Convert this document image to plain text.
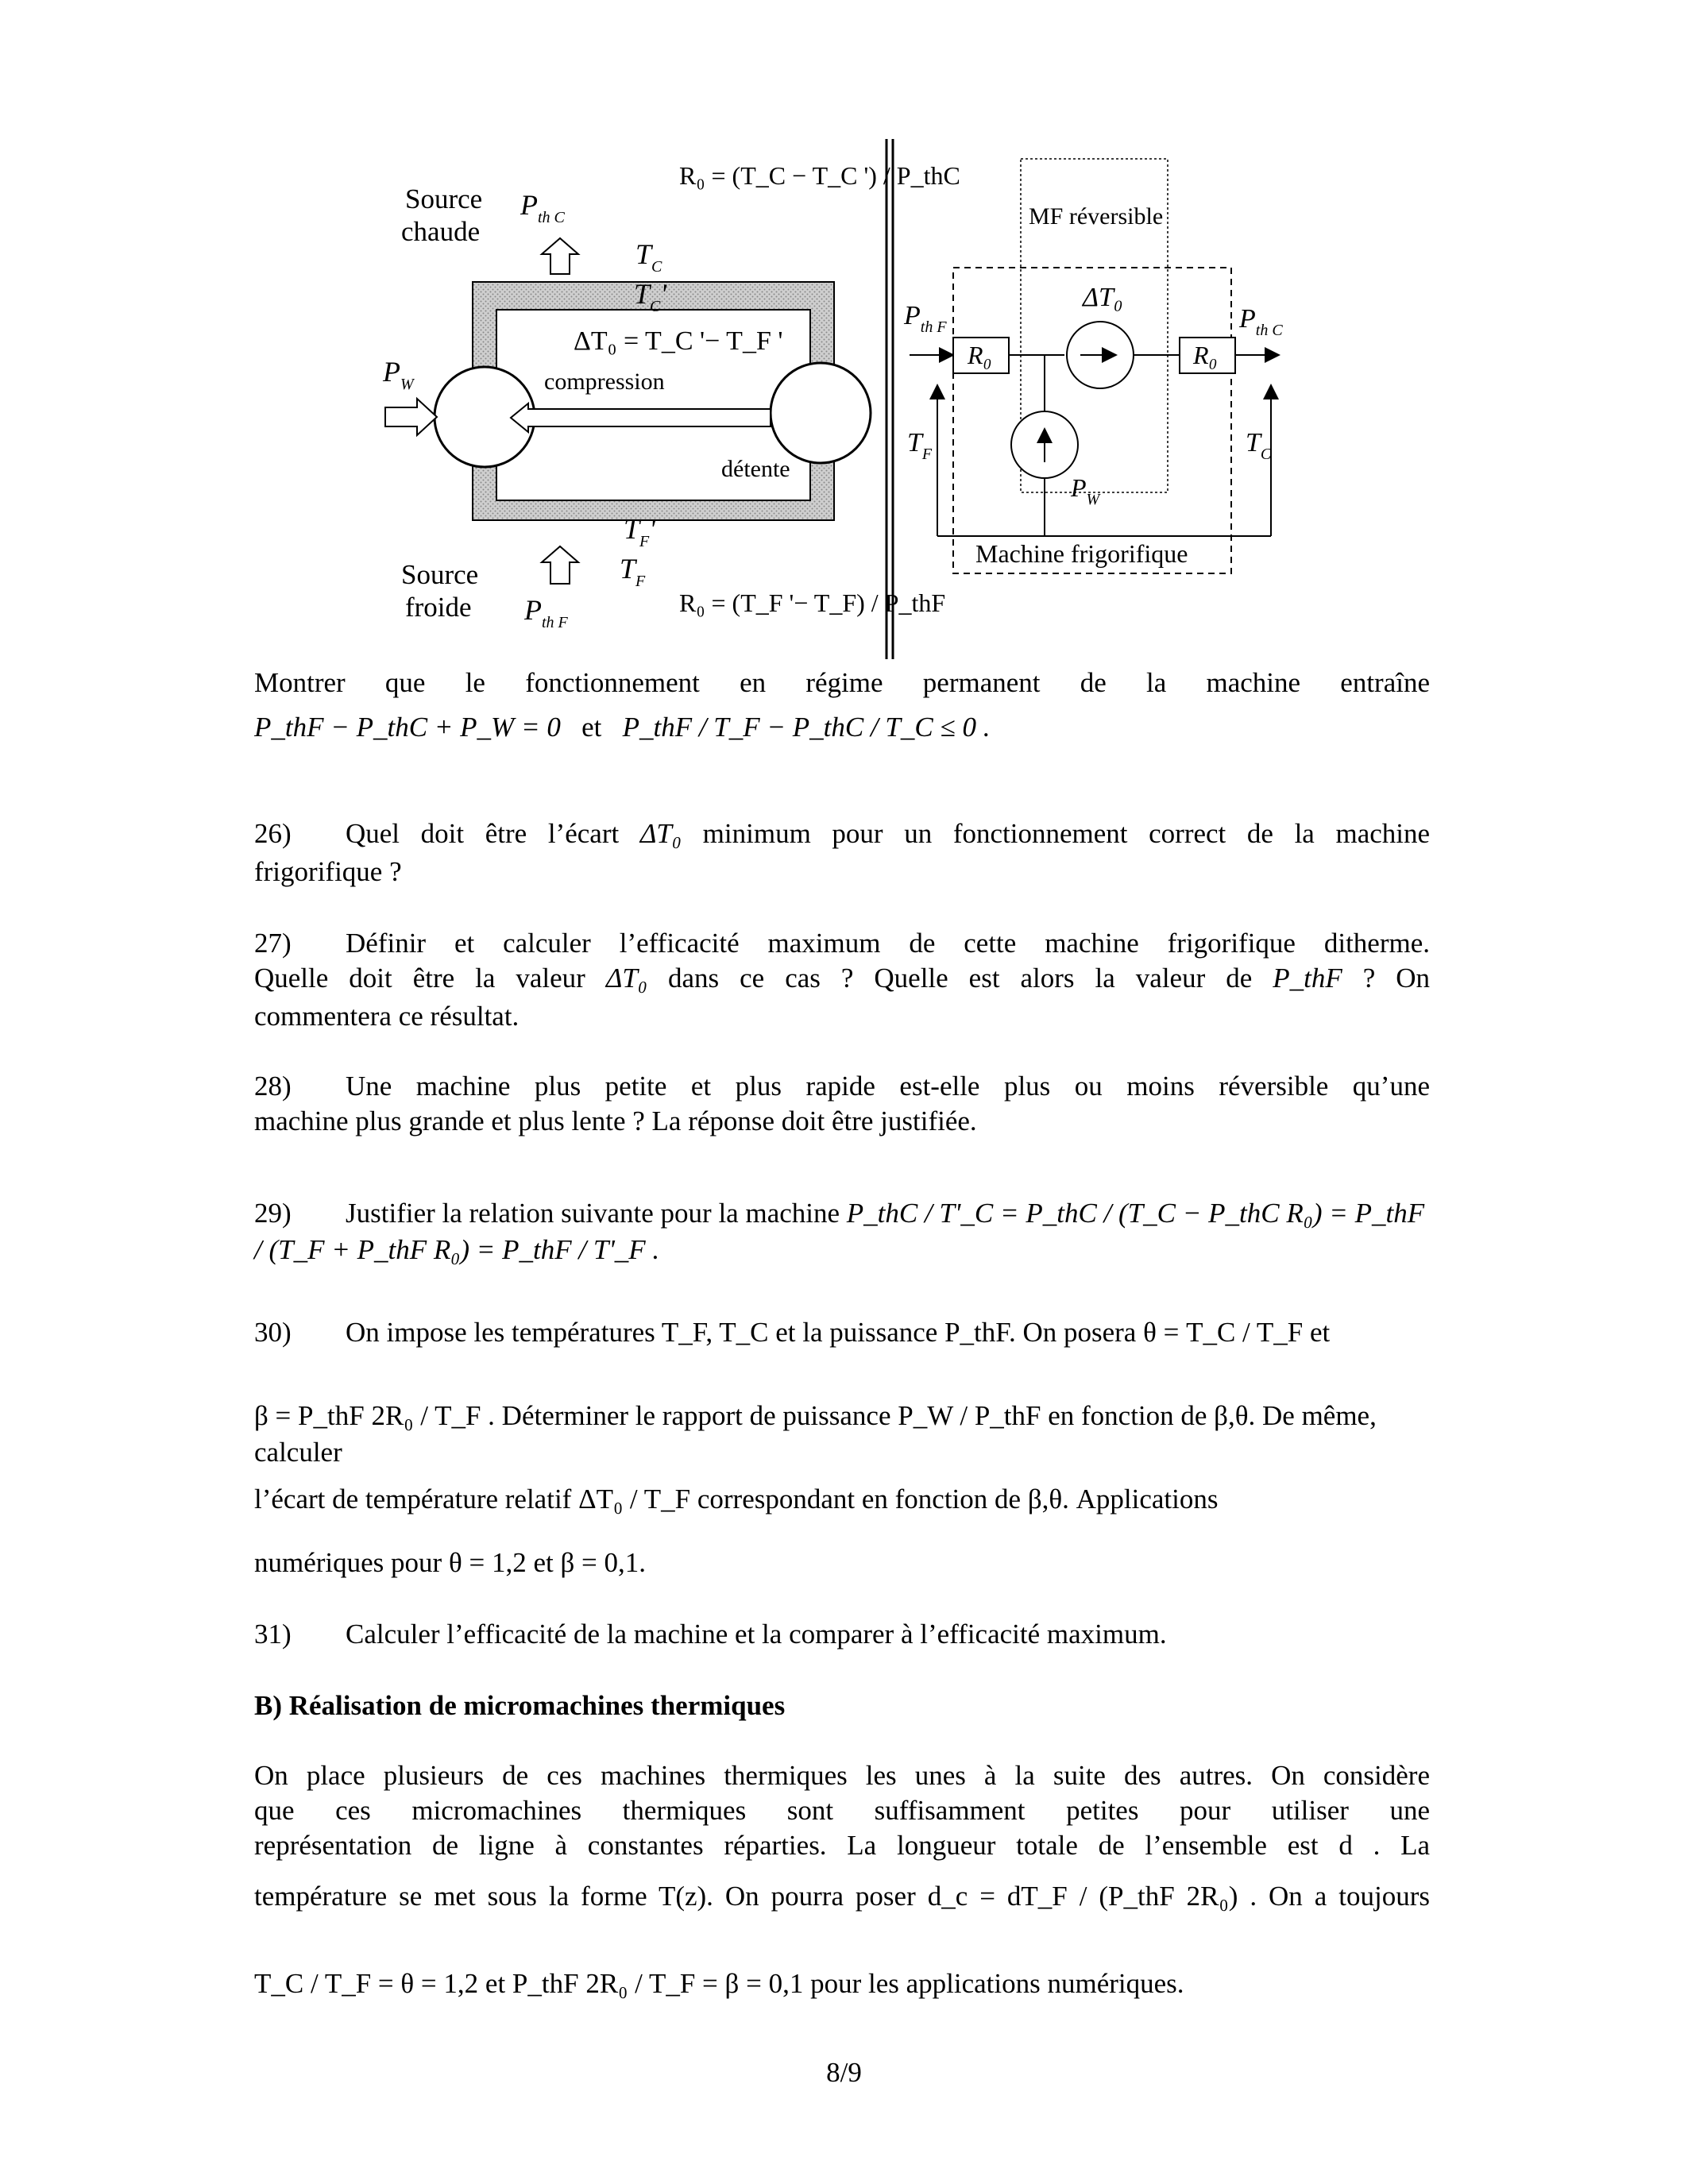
Source
chaude
Source
froide
$P_{th C}$
$P_{th F}$
$P_W$
$T_C$
$T_C'$
$T_F'$
$T_F$
ΔT₀ = T_C '− T_F '
compression
détente
R₀ = (T_C − T_C ') / P_thC
R₀ = (T_F '− T_F) / P_thF
MF réversible
Machine frigorifique
ΔT₀
R₀	R₀
$P_{th F}$	$P_{th C}$
$T_F$	$T_C$
$P_W$
Montrer que le fonctionnement en régime permanent de la machine entraîne
P_thF − P_thC + P_W = 0 et P_thF / T_F − P_thC / T_C ≤ 0 .
26) Quel doit être l’écart ΔT₀ minimum pour un fonctionnement correct de la machine
frigorifique ?
27) Définir et calculer l’efficacité maximum de cette machine frigorifique ditherme.
Quelle doit être la valeur ΔT₀ dans ce cas ? Quelle est alors la valeur de P_thF ? On
commentera ce résultat.
28) Une machine plus petite et plus rapide est-elle plus ou moins réversible qu’une
machine plus grande et plus lente ? La réponse doit être justifiée.
29) Justifier la relation suivante pour la machine P_thC / T'_C = P_thC / (T_C − P_thC R₀) = P_thF / (T_F + P_thF R₀) = P_thF / T'_F .
30) On imposе les températures T_F, T_C et la puissance P_thF. On posera θ = T_C / T_F et
β = P_thF 2R₀ / T_F . Déterminer le rapport de puissance P_W / P_thF en fonction de β,θ. De même, calculer
l’écart de température relatif ΔT₀ / T_F correspondant en fonction de β,θ. Applications
numériques pour θ = 1,2 et β = 0,1.
31) Calculer l’efficacité de la machine et la comparer à l’efficacité maximum.
B) Réalisation de micromachines thermiques
On place plusieurs de ces machines thermiques les unes à la suite des autres. On considère
que ces micromachines thermiques sont suffisamment petites pour utiliser une
représentation de ligne à constantes réparties. La longueur totale de l’ensemble est d . La
température se met sous la forme T(z). On pourra poser d_c = dT_F / (P_thF 2R₀) . On a toujours
T_C / T_F = θ = 1,2 et P_thF 2R₀ / T_F = β = 0,1 pour les applications numériques.
8/9
